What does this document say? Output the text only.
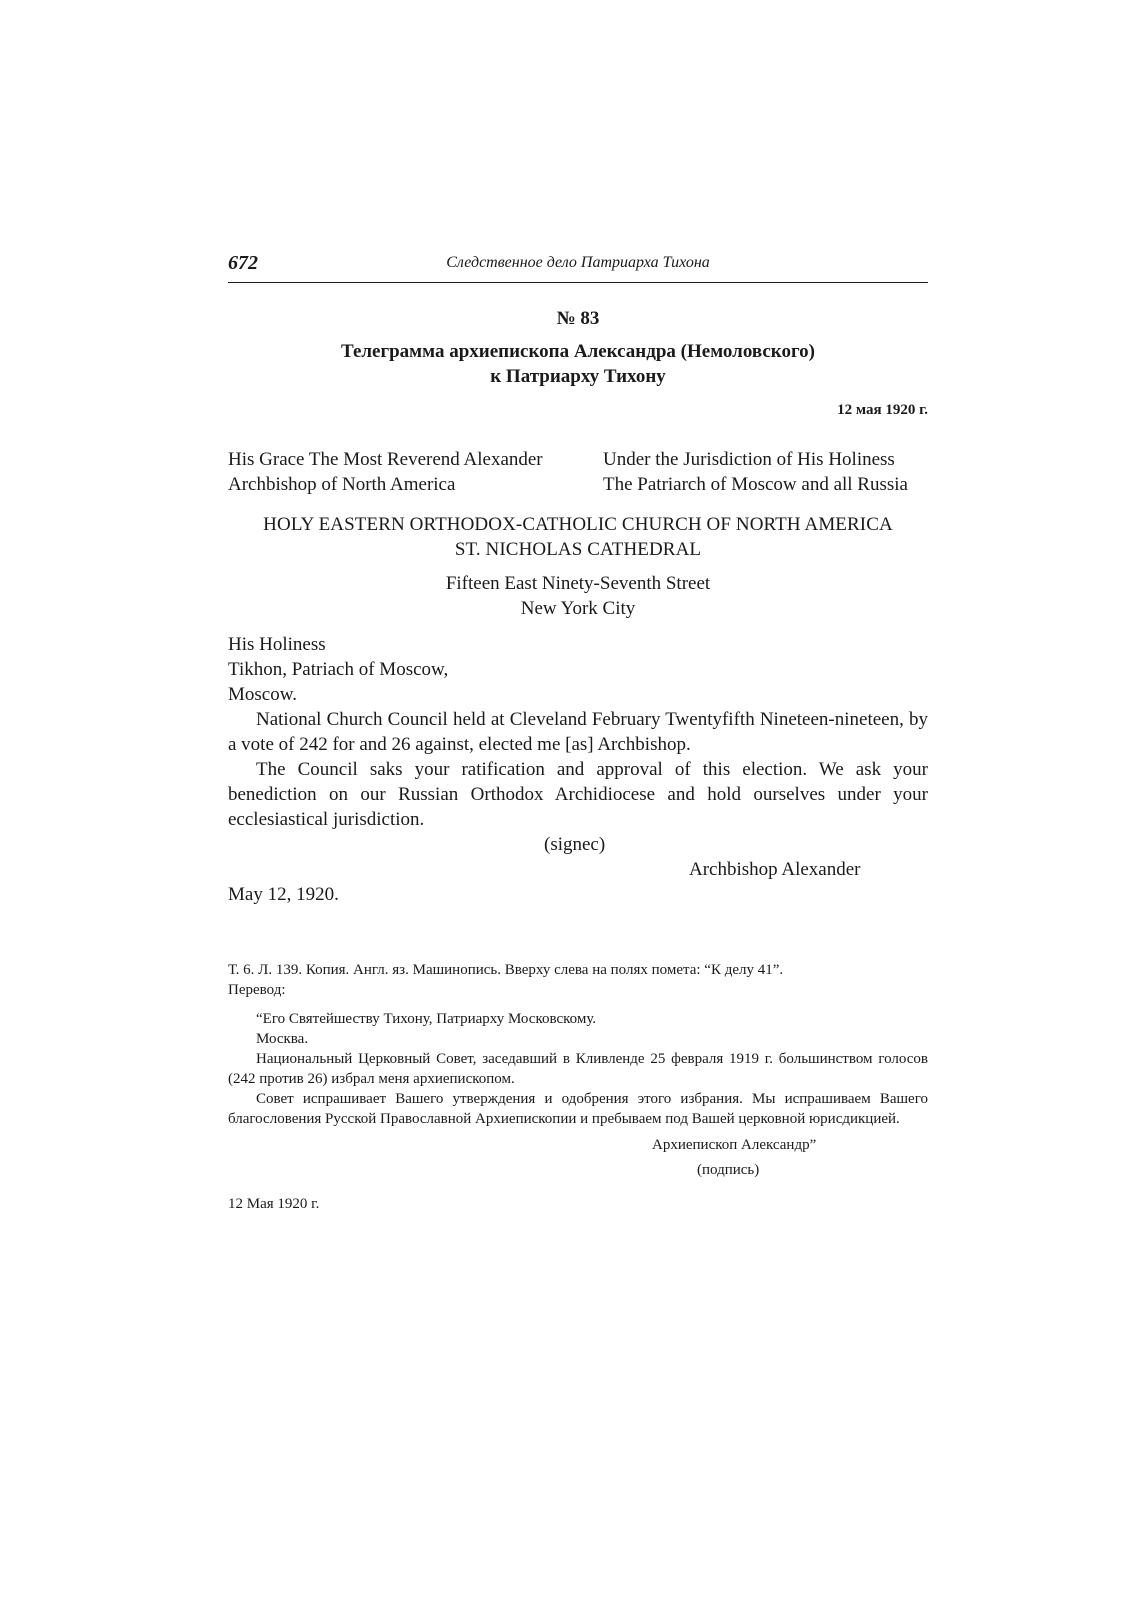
672	Следственное дело Патриарха Тихона
№ 83
Телеграмма архиепископа Александра (Немоловского)
к Патриарху Тихону
12 мая 1920 г.
His Grace The Most Reverend Alexander
Archbishop of North America
Under the Jurisdiction of His Holiness
The Patriarch of Moscow and all Russia
HOLY EASTERN ORTHODOX-CATHOLIC CHURCH OF NORTH AMERICA
ST. NICHOLAS CATHEDRAL
Fifteen East Ninety-Seventh Street
New York City
His Holiness
Tikhon, Patriach of Moscow,
Moscow.

National Church Council held at Cleveland February Twentyfifth Nineteen-nineteen, by a vote of 242 for and 26 against, elected me [as] Archbishop.

The Council saks your ratification and approval of this election. We ask your benediction on our Russian Orthodox Archidiocese and hold ourselves under your ecclesiastical jurisdiction.

(signec)
Archbishop Alexander
May 12, 1920.
Т. 6. Л. 139. Копия. Англ. яз. Машинопись. Вверху слева на полях помета: “К делу 41”.
Перевод:

“Его Святейшеству Тихону, Патриарху Московскому.

Москва.

Национальный Церковный Совет, заседавший в Кливленде 25 февраля 1919 г. большинством голосов (242 против 26) избрал меня архиепископом.

Совет испрашивает Вашего утверждения и одобрения этого избрания. Мы испрашиваем Вашего благословения Русской Православной Архиепископии и пребываем под Вашей церковной юрисдикцией.

Архиепископ Александр”
(подпись)
12 Мая 1920 г.
